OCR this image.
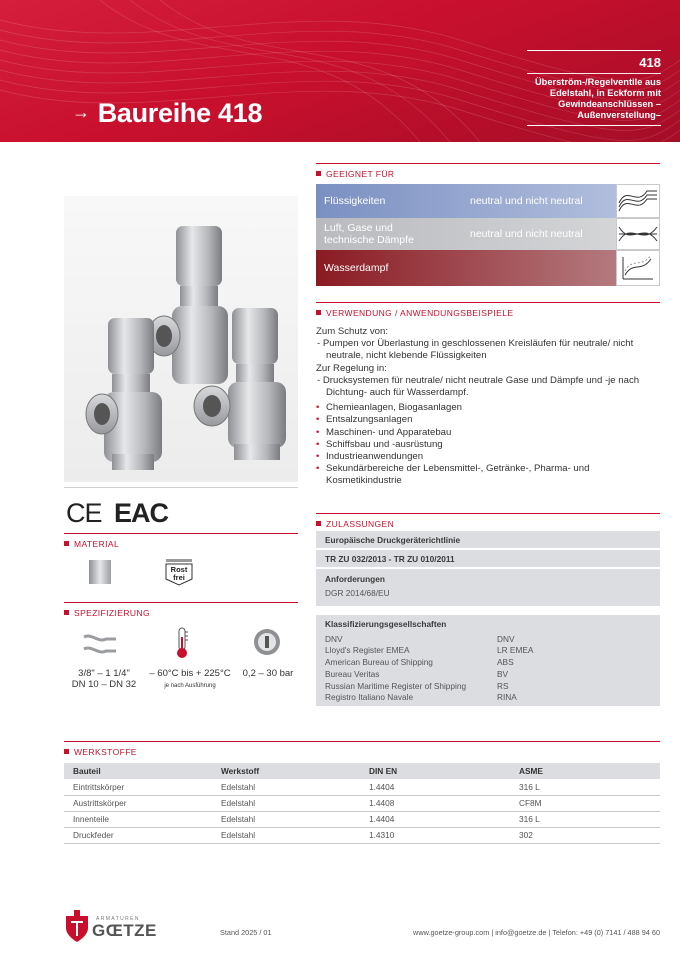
→ Baureihe 418
418
Überström-/Regelventile aus Edelstahl, in Eckform mit Gewindeanschlüssen –Außenverstellung–
CE EAC
MATERIAL
Rost
frei
SPEZIFIZIERUNG
3/8" – 1 1/4"
DN 10 – DN 32
– 60°C bis + 225°C
je nach Ausführung
0,2 – 30 bar
GEEIGNET FÜR
Flüssigkeiten	neutral und nicht neutral
Luft, Gase und technische Dämpfe	neutral und nicht neutral
Wasserdampf
VERWENDUNG / ANWENDUNGSBEISPIELE
Zum Schutz von:
- Pumpen vor Überlastung in geschlossenen Kreisläufen für neutrale/ nicht neutrale, nicht klebende Flüssigkeiten
Zur Regelung in:
- Drucksystemen für neutrale/ nicht neutrale Gase und Dämpfe und -je nach Dichtung- auch für Wasserdampf.
• Chemieanlagen, Biogasanlagen
• Entsalzungsanlagen
• Maschinen- und Apparatebau
• Schiffsbau und -ausrüstung
• Industrieanwendungen
• Sekundärbereiche der Lebensmittel-, Getränke-, Pharma- und Kosmetikindustrie
ZULASSUNGEN
Europäische Druckgeräterichtlinie
TR ZU 032/2013 - TR ZU 010/2011
Anforderungen
DGR 2014/68/EU
Klassifizierungsgesellschaften
DNV	DNV
Lloyd's Register EMEA	LR EMEA
American Bureau of Shipping	ABS
Bureau Veritas	BV
Russian Maritime Register of Shipping	RS
Registro Italiano Navale	RINA
WERKSTOFFE
Bauteil	Werkstoff	DIN EN	ASME
Eintrittskörper	Edelstahl	1.4404	316 L
Austrittskörper	Edelstahl	1.4408	CF8M
Innenteile	Edelstahl	1.4404	316 L
Druckfeder	Edelstahl	1.4310	302
ARMATUREN
GŒTZE	Stand 2025 / 01	www.goetze-group.com | info@goetze.de | Telefon: +49 (0) 7141 / 488 94 60
